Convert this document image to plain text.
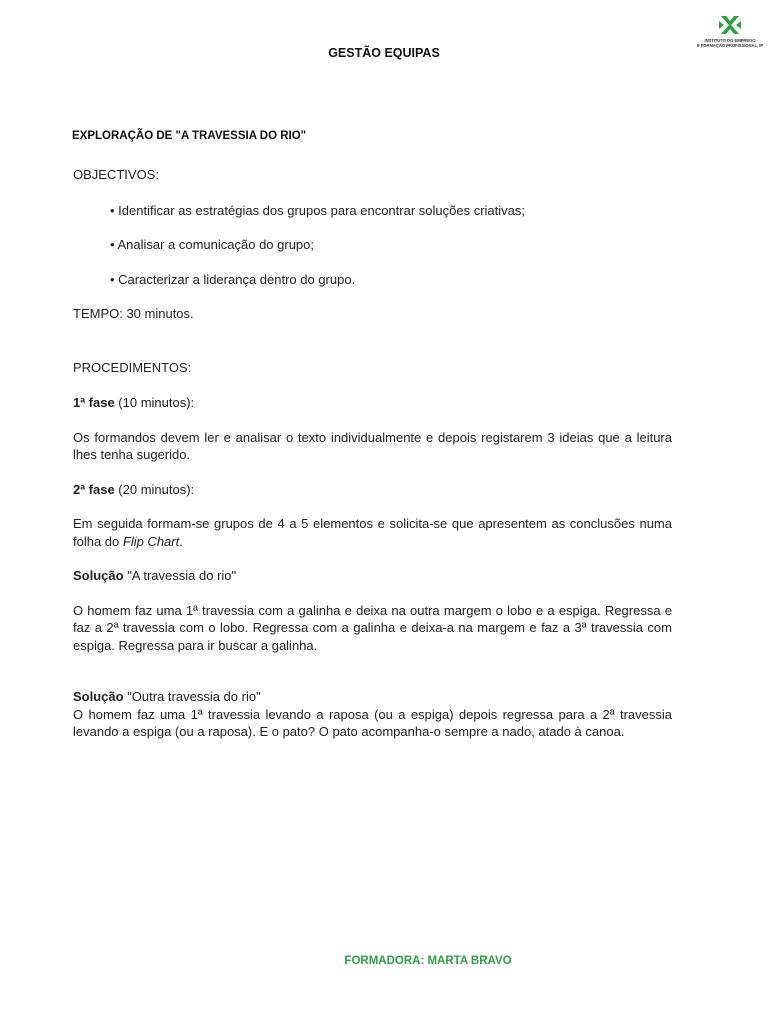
INSTITUTO DO EMPREGO
E FORMAÇÃO PROFISSIONAL, IP
GESTÃO EQUIPAS
EXPLORAÇÃO DE "A TRAVESSIA DO RIO"

OBJECTIVOS:

• Identificar as estratégias dos grupos para encontrar soluções criativas;

• Analisar a comunicação do grupo;

• Caracterizar a liderança dentro do grupo.

TEMPO: 30 minutos.

PROCEDIMENTOS:

1ª fase (10 minutos):

Os formandos devem ler e analisar o texto individualmente e depois registarem 3 ideias que a leitura lhes tenha sugerido.

2ª fase (20 minutos):

Em seguida formam-se grupos de 4 a 5 elementos e solicita-se que apresentem as conclusões numa folha do Flip Chart.

Solução "A travessia do rio"

O homem faz uma 1ª travessia com a galinha e deixa na outra margem o lobo e a espiga. Regressa e faz a 2ª travessia com o lobo. Regressa com a galinha e deixa-a na margem e faz a 3ª travessia com espiga. Regressa para ir buscar a galinha.

Solução "Outra travessia do rio"

O homem faz uma 1ª travessia levando a raposa (ou a espiga) depois regressa para a 2ª travessia levando a espiga (ou a raposa). E o pato? O pato acompanha-o sempre a nado, atado à canoa.

FORMADORA: MARTA BRAVO
